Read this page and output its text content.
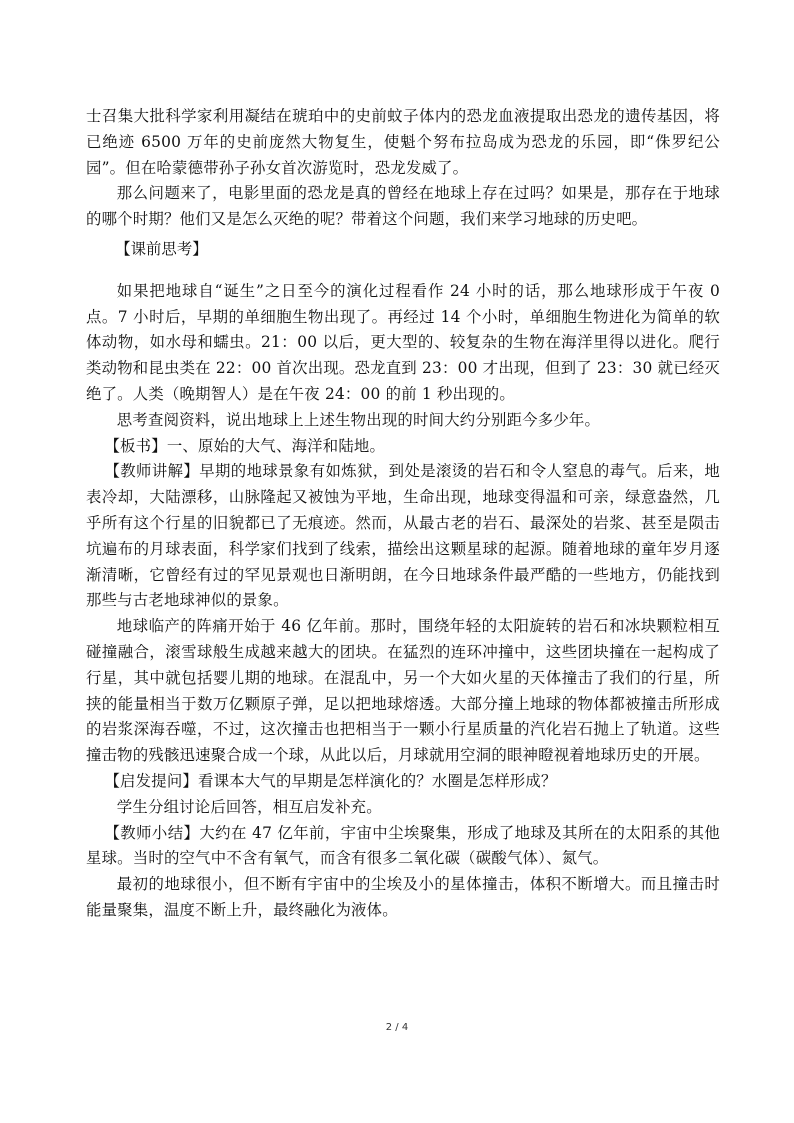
士召集大批科学家利用凝结在琥珀中的史前蚊子体内的恐龙血液提取出恐龙的遗传基因，将已绝迹 6500 万年的史前庞然大物复生，使魁个努布拉岛成为恐龙的乐园，即“侏罗纪公园”。但在哈蒙德带孙子孙女首次游览时，恐龙发威了。

那么问题来了，电影里面的恐龙是真的曾经在地球上存在过吗？如果是，那存在于地球的哪个时期？他们又是怎么灭绝的呢？带着这个问题，我们来学习地球的历史吧。

【课前思考】

如果把地球自“诞生”之日至今的演化过程看作 24 小时的话，那么地球形成于午夜 0 点。7 小时后，早期的单细胞生物出现了。再经过 14 个小时，单细胞生物进化为简单的软体动物，如水母和蠕虫。21：00 以后，更大型的、较复杂的生物在海洋里得以进化。爬行类动物和昆虫类在 22：00 首次出现。恐龙直到 23：00 才出现，但到了 23：30 就已经灭绝了。人类（晚期智人）是在午夜 24：00 的前 1 秒出现的。

思考查阅资料，说出地球上上述生物出现的时间大约分别距今多少年。

【板书】一、原始的大气、海洋和陆地。

【教师讲解】早期的地球景象有如炼狱，到处是滚烫的岩石和令人窒息的毒气。后来，地表冷却，大陆漂移，山脉隆起又被蚀为平地，生命出现，地球变得温和可亲，绿意盎然，几乎所有这个行星的旧貌都已了无痕迹。然而，从最古老的岩石、最深处的岩浆、甚至是陨击坑遍布的月球表面，科学家们找到了线索，描绘出这颗星球的起源。随着地球的童年岁月逐渐清晰，它曾经有过的罕见景观也日渐明朗，在今日地球条件最严酷的一些地方，仍能找到那些与古老地球神似的景象。

地球临产的阵痛开始于 46 亿年前。那时，围绕年轻的太阳旋转的岩石和冰块颗粒相互碰撞融合，滚雪球般生成越来越大的团块。在猛烈的连环冲撞中，这些团块撞在一起构成了行星，其中就包括婴儿期的地球。在混乱中，另一个大如火星的天体撞击了我们的行星，所挟的能量相当于数万亿颗原子弹，足以把地球熔透。大部分撞上地球的物体都被撞击所形成的岩浆深海吞噬，不过，这次撞击也把相当于一颗小行星质量的汽化岩石抛上了轨道。这些撞击物的残骸迅速聚合成一个球，从此以后，月球就用空洞的眼神瞪视着地球历史的开展。

【启发提问】看课本大气的早期是怎样演化的？水圈是怎样形成？

学生分组讨论后回答，相互启发补充。

【教师小结】大约在 47 亿年前，宇宙中尘埃聚集，形成了地球及其所在的太阳系的其他星球。当时的空气中不含有氧气，而含有很多二氧化碳（碳酸气体）、氮气。

最初的地球很小，但不断有宇宙中的尘埃及小的星体撞击，体积不断增大。而且撞击时能量聚集，温度不断上升，最终融化为液体。

2 / 4
